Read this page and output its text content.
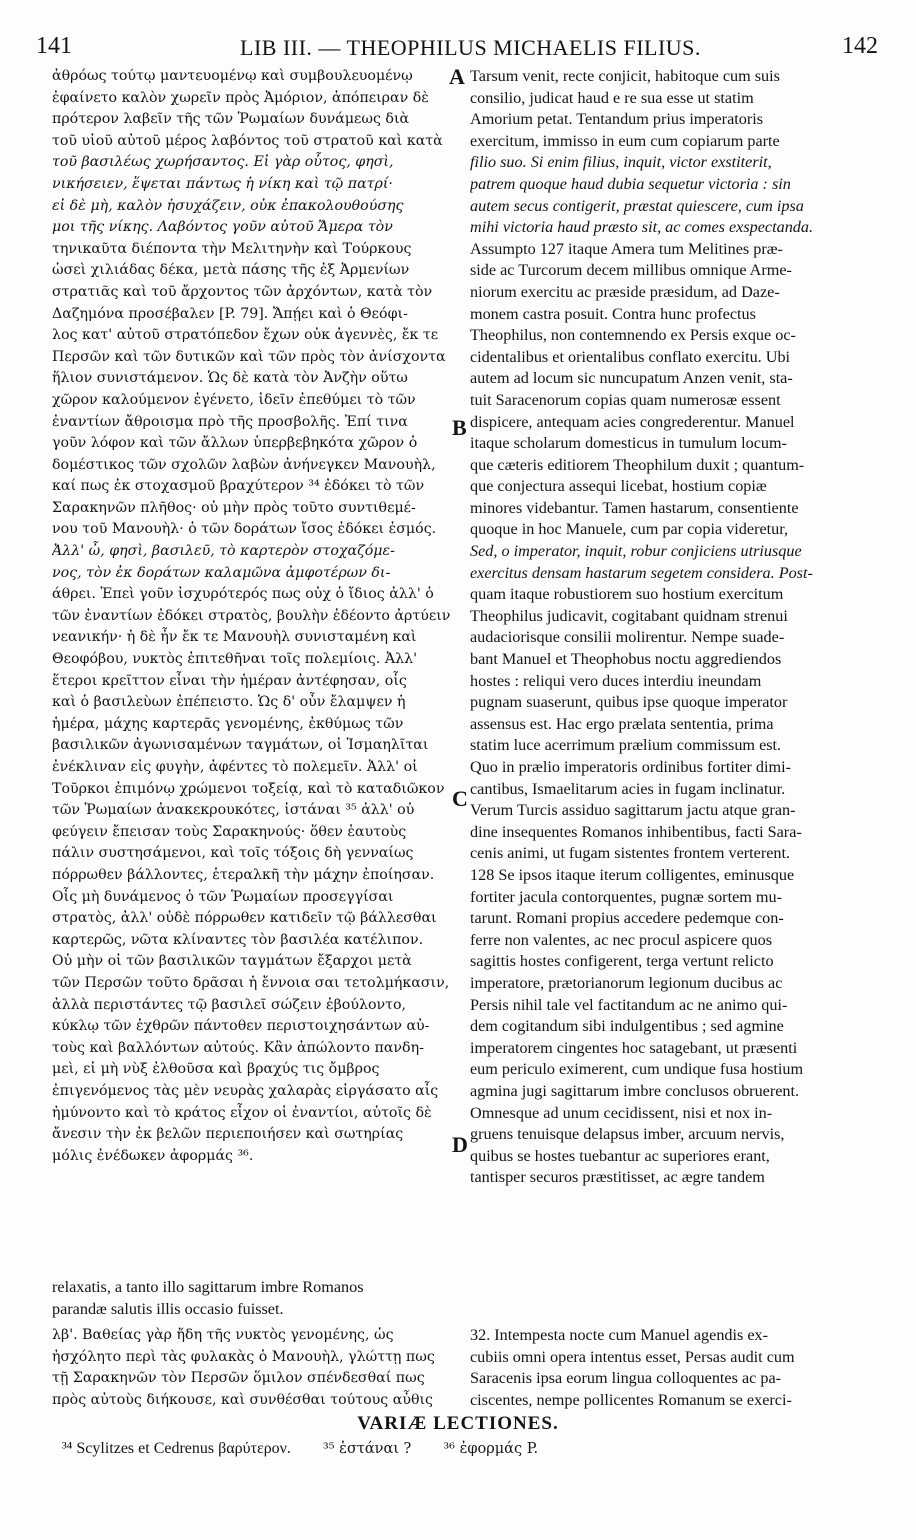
141	LIB III. — THEOPHILUS MICHAELIS FILIUS.	142
ἀθρόως τούτῳ μαντευομένῳ καὶ συμβουλευομένῳ
ἐφαίνετο καλὸν χωρεῖν πρὸς Ἀμόριον, ἀπόπειραν δὲ
πρότερον λαβεῖν τῆς τῶν Ῥωμαίων δυνάμεως διὰ
τοῦ υἱοῦ αὐτοῦ μέρος λαβόντος τοῦ στρατοῦ καὶ κατὰ
τοῦ βασιλέως χωρήσαντος. Εἰ γὰρ οὗτος, φησὶ,
νικήσειεν, ἕψεται πάντως ἡ νίκη καὶ τῷ πατρί·
εἰ δὲ μὴ, καλὸν ἡσυχάζειν, οὐκ ἐπακολουθούσης
μοι τῆς νίκης. Λαβόντος γοῦν αὐτοῦ Ἄμερα τὸν
τηνικαῦτα διέποντα τὴν Μελιτηνὴν καὶ Τούρκους
ὡσεὶ χιλιάδας δέκα, μετὰ πάσης τῆς ἐξ Ἀρμενίων
στρατιᾶς καὶ τοῦ ἄρχοντος τῶν ἀρχόντων, κατὰ τὸν
Δαζημόνα προσέβαλεν [P. 79]. Ἄπῄει καὶ ὁ Θεόφι-
λος κατ' αὐτοῦ στρατόπεδον ἔχων οὐκ ἀγεννὲς, ἔκ τε
Περσῶν καὶ τῶν δυτικῶν καὶ τῶν πρὸς τὸν ἀνίσχοντα
ἥλιον συνιστάμενον. Ὡς δὲ κατὰ τὸν Ἀνζὴν οὕτω
χῶρον καλούμενον ἐγένετο, ἰδεῖν ἐπεθύμει τὸ τῶν
ἐναντίων ἄθροισμα πρὸ τῆς προσβολῆς. Ἐπί τινα
γοῦν λόφον καὶ τῶν ἄλλων ὑπερβεβηκότα χῶρον ὁ
δομέστικος τῶν σχολῶν λαβὼν ἀνήνεγκεν Μανουὴλ,
καί πως ἐκ στοχασμοῦ βραχύτερον ³⁴ ἐδόκει τὸ τῶν
Σαρακηνῶν πλῆθος· οὐ μὴν πρὸς τοῦτο συντιθεμέ-
νου τοῦ Μανουὴλ· ὁ τῶν δοράτων ἴσος ἐδόκει ἐσμός.
Ἀλλ' ὦ, φησὶ, βασιλεῦ, τὸ καρτερὸν στοχαζόμε-
νος, τὸν ἐκ δοράτων καλαμῶνα ἀμφοτέρων δι-
άθρει. Ἐπεὶ γοῦν ἰσχυρότερός πως οὐχ ὁ ἴδιος ἀλλ' ὁ
τῶν ἐναντίων ἐδόκει στρατὸς, βουλὴν ἐδέοντο ἀρτύειν
νεανικήν· ἡ δὲ ἦν ἔκ τε Μανουὴλ συνισταμένη καὶ
Θεοφόβου, νυκτὸς ἐπιτεθῆναι τοῖς πολεμίοις. Ἀλλ'
ἕτεροι κρεῖττον εἶναι τὴν ἡμέραν ἀντέφησαν, οἷς
καὶ ὁ βασιλεὺων ἐπέπειστο. Ὡς δ' οὖν ἔλαμψεν ἡ
ἡμέρα, μάχης καρτερᾶς γενομένης, ἐκθύμως τῶν
βασιλικῶν ἀγωνισαμένων ταγμάτων, οἱ Ἰσμαηλῖται
ἐνέκλιναν εἰς φυγὴν, ἀφέντες τὸ πολεμεῖν. Ἀλλ' οἱ
Τοῦρκοι ἐπιμόνῳ χρώμενοι τοξείᾳ, καὶ τὸ καταδιῶκον
τῶν Ῥωμαίων ἀνακεκρουκότες, ἱστάναι ³⁵ ἀλλ' οὐ
φεύγειν ἔπεισαν τοὺς Σαρακηνούς· ὅθεν ἑαυτοὺς
πάλιν συστησάμενοι, καὶ τοῖς τόξοις δὴ γενναίως
πόρρωθεν βάλλοντες, ἑτεραλκῆ τὴν μάχην ἐποίησαν.
Οἷς μὴ δυνάμενος ὁ τῶν Ῥωμαίων προσεγγίσαι
στρατὸς, ἀλλ' οὐδὲ πόρρωθεν κατιδεῖν τῷ βάλλεσθαι
καρτερῶς, νῶτα κλίναντες τὸν βασιλέα κατέλιπον.
Οὐ μὴν οἱ τῶν βασιλικῶν ταγμάτων ἔξαρχοι μετὰ
τῶν Περσῶν τοῦτο δρᾶσαι ἡ ἔννοια σαι τετολμήκασιν,
ἀλλὰ περιστάντες τῷ βασιλεῖ σώζειν ἐβούλοντο,
κύκλῳ τῶν ἐχθρῶν πάντοθεν περιστοιχησάντων αὐ-
τοὺς καὶ βαλλόντων αὐτούς. Κἂν ἀπώλοντο πανδη-
μεὶ, εἰ μὴ νὺξ ἐλθοῦσα καὶ βραχύς τις ὄμβρος
ἐπιγενόμενος τὰς μὲν νευρὰς χαλαρὰς εἰργάσατο αἷς
ἠμύνοντο καὶ τὸ κράτος εἶχον οἱ ἐναντίοι, αὐτοῖς δὲ
ἄνεσιν τὴν ἐκ βελῶν περιεποιήσεν καὶ σωτηρίας
μόλις ἐνέδωκεν ἀφορμάς ³⁶.
Tarsum venit, recte conjicit, habitoque cum suis
consilio, judicat haud e re sua esse ut statim
Amorium petat. Tentandum prius imperatoris
exercitum, immisso in eum cum copiarum parte
filio suo. Si enim filius, inquit, victor exstiterit,
patrem quoque haud dubia sequetur victoria : sin
autem secus contigerit, præstat quiescere, cum ipsa
mihi victoria haud præsto sit, ac comes exspectanda.
Assumpto 127 itaque Amera tum Melitines præ-
side ac Turcorum decem millibus omnique Arme-
niorum exercitu ac præside præsidum, ad Daze-
monem castra posuit. Contra hunc profectus
Theophilus, non contemnendo ex Persis exque oc-
cidentalibus et orientalibus conflato exercitu. Ubi
autem ad locum sic nuncupatum Anzen venit, sta-
tuit Saracenorum copias quam numerosæ essent
dispicere, antequam acies congrederentur. Manuel
itaque scholarum domesticus in tumulum locum-
que cæteris editiorem Theophilum duxit ; quantum-
que conjectura assequi licebat, hostium copiæ
minores videbantur. Tamen hastarum, consentiente
quoque in hoc Manuele, cum par copia videretur,
Sed, o imperator, inquit, robur conjiciens utriusque
exercitus densam hastarum segetem considera. Post-
quam itaque robustiorem suo hostium exercitum
Theophilus judicavit, cogitabant quidnam strenui
audaciorisque consilii molirentur. Nempe suade-
bant Manuel et Theophobus noctu aggrediendos
hostes : reliqui vero duces interdiu ineundam
pugnam suaserunt, quibus ipse quoque imperator
assensus est. Hac ergo prælata sententia, prima
statim luce acerrimum prælium commissum est.
Quo in prælio imperatoris ordinibus fortiter dimi-
cantibus, Ismaelitarum acies in fugam inclinatur.
Verum Turcis assiduo sagittarum jactu atque gran-
dine insequentes Romanos inhibentibus, facti Sara-
cenis animi, ut fugam sistentes frontem verterent.
128 Se ipsos itaque iterum colligentes, eminusque
fortiter jacula contorquentes, pugnæ sortem mu-
tarunt. Romani propius accedere pedemque con-
ferre non valentes, ac nec procul aspicere quos
sagittis hostes configerent, terga vertunt relicto
imperatore, prætorianorum legionum ducibus ac
Persis nihil tale vel factitandum ac ne animo qui-
dem cogitandum sibi indulgentibus ; sed agmine
imperatorem cingentes hoc satagebant, ut præsenti
eum periculo eximerent, cum undique fusa hostium
agmina jugi sagittarum imbre conclusos obruerent.
Omnesque ad unum cecidissent, nisi et nox in-
gruens tenuisque delapsus imber, arcuum nervis,
quibus se hostes tuebantur ac superiores erant,
tantisper securos præstitisset, ac ægre tandem
A
B
C
D
relaxatis, a tanto illo sagittarum imbre Romanos
parandæ salutis illis occasio fuisset.
λβ'. Βαθείας γὰρ ἤδη τῆς νυκτὸς γενομένης, ὡς
ἠσχόλητο περὶ τὰς φυλακὰς ὁ Μανουὴλ, γλώττῃ πως
τῇ Σαρακηνῶν τὸν Περσῶν ὅμιλον σπένδεσθαί πως
πρὸς αὐτοὺς διήκουσε, καὶ συνθέσθαι τούτους αὖθις
32. Intempesta nocte cum Manuel agendis ex-
cubiis omni opera intentus esset, Persas audit cum
Saracenis ipsa eorum lingua colloquentes ac pa-
ciscentes, nempe pollicentes Romanum se exerci-
VARIÆ LECTIONES.
³⁴ Scylitzes et Cedrenus βαρύτερον. ³⁵ ἑστάναι ? ³⁶ ἐφορμάς P.
